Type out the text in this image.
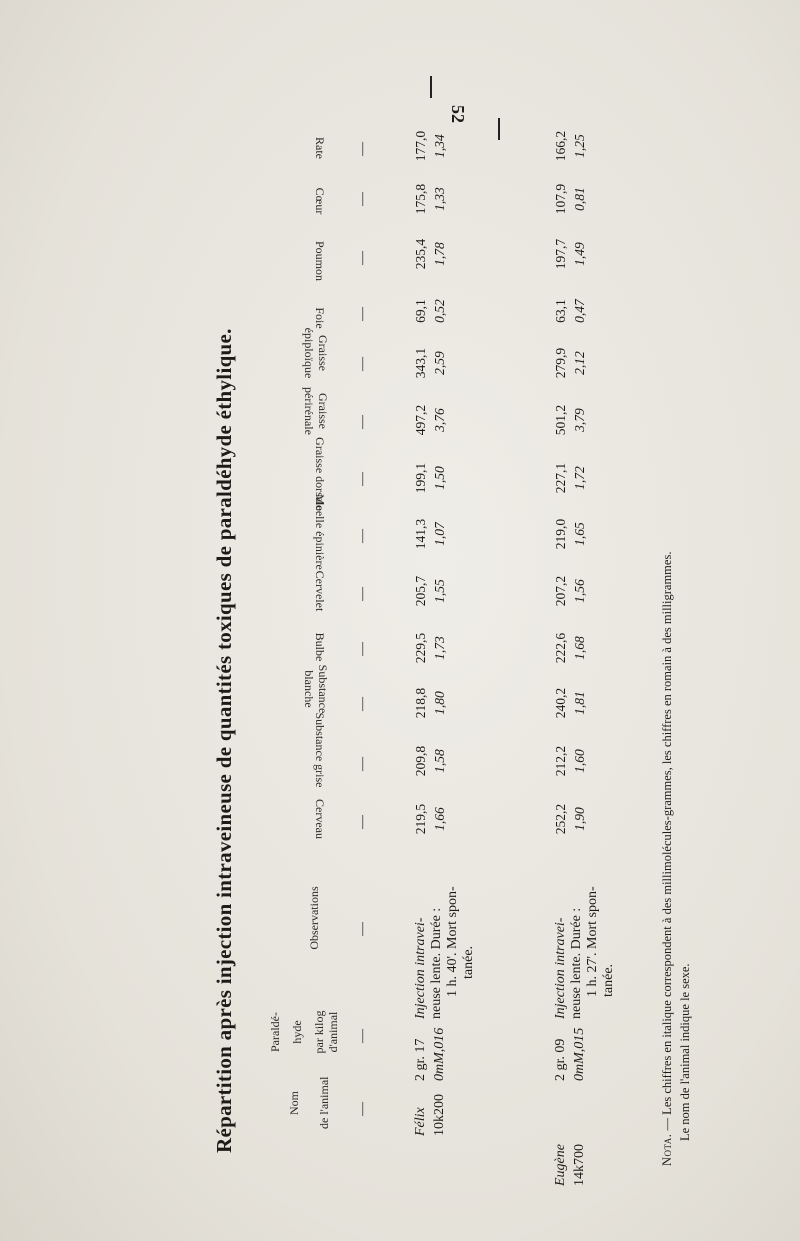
52
Répartition après injection intraveineuse de quantités toxiques de paraldéhyde éthylique.	Nom de l'animal
Paraldé- hyde par kilog d'animal
Observations
Cerveau
Substance grise
Substance blanche
Bulbe
Cervelet
Moelle épinière
Graisse dorsale
Graisse périrénale
Graisse épiploïque
Foie
Poumon
Cœur
Rate
—
—
—
—
—
—
—
—
—
—
—
—
—
—
—
—
Félix 10k200
2 gr. 17 0mM,016
Injection intravei- neuse lente. Durée : 1 h. 40'. Mort spon- tanée.
219,5 1,66
209,8 1,58
218,8 1,80
229,5 1,73
205,7 1,55
141,3 1,07
199,1 1,50
497,2 3,76
343,1 2,59
69,1 0,52
235,4 1,78
175,8 1,33
177,0 1,34
Eugène 14k700
2 gr. 09 0mM,015
Injection intravei- neuse lente. Durée : 1 h. 27'. Mort spon- tanée.
252,2 1,90
212,2 1,60
240,2 1,81
222,6 1,68
207,2 1,56
219,0 1,65
227,1 1,72
501,2 3,79
279,9 2,12
63,1 0,47
197,7 1,49
107,9 0,81
166,2 1,25
Nota. — Les chiffres en italique correspondent à des millimolécules-grammes, les chiffres en romain à des milligrammes. Le nom de l'animal indique le sexe.
